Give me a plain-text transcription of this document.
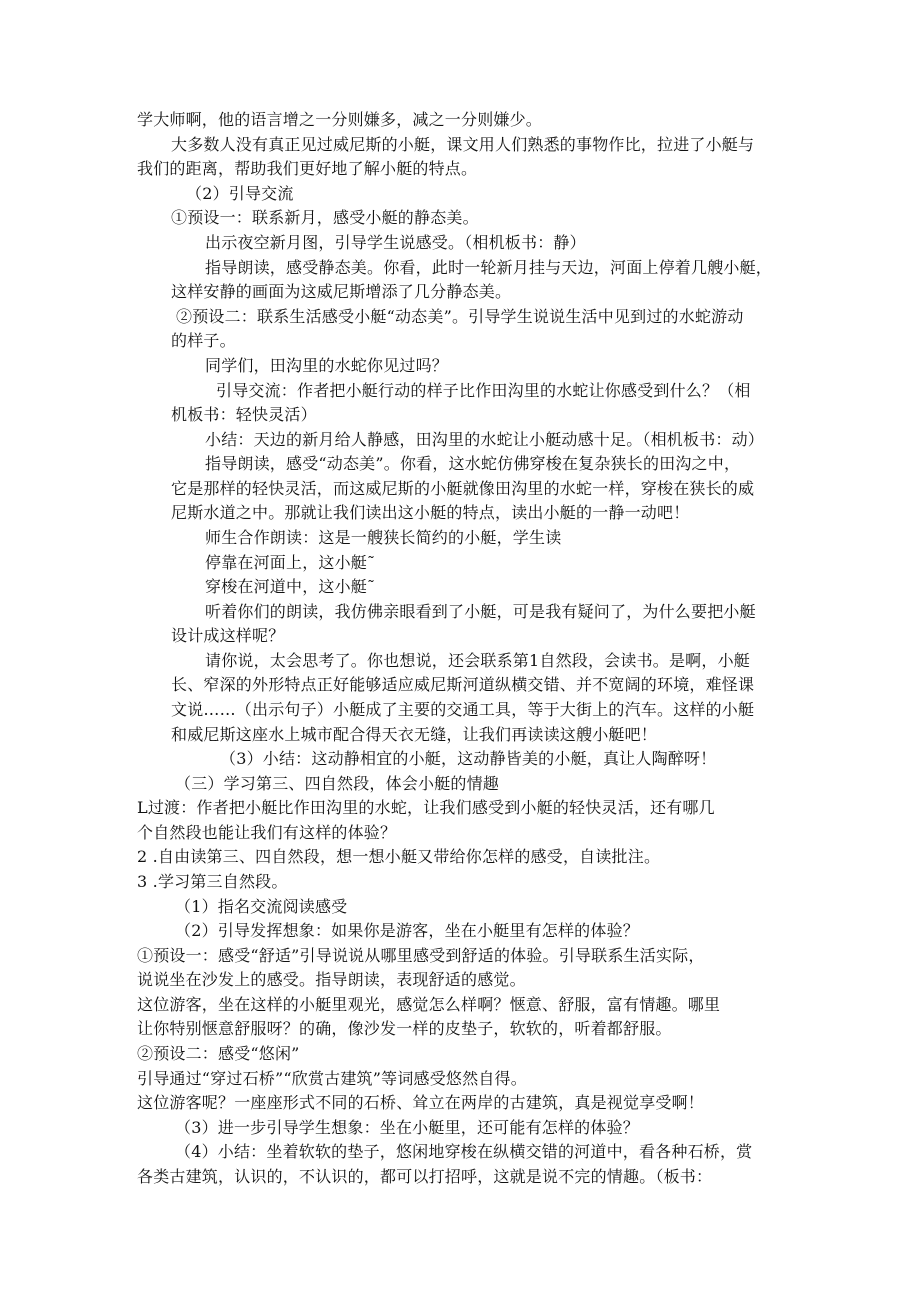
学大师啊，他的语言增之一分则嫌多，减之一分则嫌少。
大多数人没有真正见过威尼斯的小艇，课文用人们熟悉的事物作比，拉进了小艇与
我们的距离，帮助我们更好地了解小艇的特点。
（2）引导交流
①预设一：联系新月，感受小艇的静态美。
出示夜空新月图，引导学生说感受。（相机板书：静）
指导朗读，感受静态美。你看，此时一轮新月挂与天边，河面上停着几艘小艇，
这样安静的画面为这威尼斯增添了几分静态美。
②预设二：联系生活感受小艇“动态美”。引导学生说说生活中见到过的水蛇游动
的样子。
同学们，田沟里的水蛇你见过吗？
引导交流：作者把小艇行动的样子比作田沟里的水蛇让你感受到什么？（相
机板书：轻快灵活）
小结：天边的新月给人静感，田沟里的水蛇让小艇动感十足。（相机板书：动）
指导朗读，感受“动态美”。你看，这水蛇仿佛穿梭在复杂狭长的田沟之中，
它是那样的轻快灵活，而这威尼斯的小艇就像田沟里的水蛇一样，穿梭在狭长的威
尼斯水道之中。那就让我们读出这小艇的特点，读出小艇的一静一动吧！
师生合作朗读：这是一艘狭长简约的小艇，学生读
停靠在河面上，这小艇˜
穿梭在河道中，这小艇˜
听着你们的朗读，我仿佛亲眼看到了小艇，可是我有疑问了，为什么要把小艇
设计成这样呢？
请你说，太会思考了。你也想说，还会联系第1自然段，会读书。是啊，小艇
长、窄深的外形特点正好能够适应威尼斯河道纵横交错、并不宽阔的环境，难怪课
文说……（出示句子）小艇成了主要的交通工具，等于大街上的汽车。这样的小艇
和威尼斯这座水上城市配合得天衣无缝，让我们再读读这艘小艇吧！
（3）小结：这动静相宜的小艇，这动静皆美的小艇，真让人陶醉呀！
（三）学习第三、四自然段，体会小艇的情趣
L过渡：作者把小艇比作田沟里的水蛇，让我们感受到小艇的轻快灵活，还有哪几
个自然段也能让我们有这样的体验？
2 .自由读第三、四自然段，想一想小艇又带给你怎样的感受，自读批注。
3 .学习第三自然段。
（1）指名交流阅读感受
（2）引导发挥想象：如果你是游客，坐在小艇里有怎样的体验？
①预设一：感受“舒适”引导说说从哪里感受到舒适的体验。引导联系生活实际，
说说坐在沙发上的感受。指导朗读，表现舒适的感觉。
这位游客，坐在这样的小艇里观光，感觉怎么样啊？惬意、舒服，富有情趣。哪里
让你特别惬意舒服呀？的确，像沙发一样的皮垫子，软软的，听着都舒服。
②预设二：感受“悠闲”
引导通过“穿过石桥”“欣赏古建筑”等词感受悠然自得。
这位游客呢？一座座形式不同的石桥、耸立在两岸的古建筑，真是视觉享受啊！
（3）进一步引导学生想象：坐在小艇里，还可能有怎样的体验？
（4）小结：坐着软软的垫子，悠闲地穿梭在纵横交错的河道中，看各种石桥，赏
各类古建筑，认识的，不认识的，都可以打招呼，这就是说不完的情趣。（板书：
